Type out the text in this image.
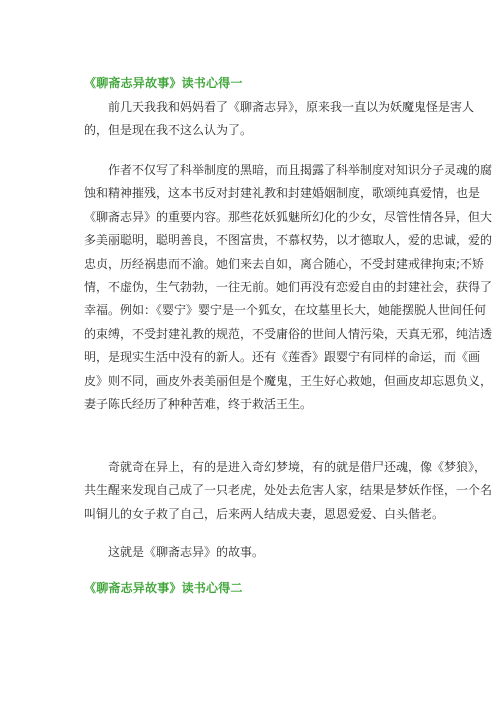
《聊斋志异故事》读书心得一
前几天我我和妈妈看了《聊斋志异》，原来我一直以为妖魔鬼怪是害人
的，但是现在我不这么认为了。
作者不仅写了科举制度的黑暗，而且揭露了科举制度对知识分子灵魂的腐
蚀和精神摧残，这本书反对封建礼教和封建婚姻制度，歌颂纯真爱情，也是
《聊斋志异》的重要内容。那些花妖狐魅所幻化的少女，尽管性情各异，但大
多美丽聪明，聪明善良，不图富贵，不慕权势，以才德取人，爱的忠诚，爱的
忠贞，历经祸患而不渝。她们来去自如，离合随心，不受封建戒律拘束;不矫
情，不虚伪，生气勃勃，一往无前。她们再没有恋爱自由的封建社会，获得了
幸福。例如：《婴宁》婴宁是一个狐女，在坟墓里长大，她能摆脱人世间任何
的束缚，不受封建礼教的规范，不受庸俗的世间人情污染，天真无邪，纯洁透
明，是现实生活中没有的新人。还有《莲香》跟婴宁有同样的命运，而《画
皮》则不同，画皮外表美丽但是个魔鬼，王生好心救她，但画皮却忘恩负义，
妻子陈氏经历了种种苦难，终于救活王生。
奇就奇在异上，有的是进入奇幻梦境，有的就是借尸还魂，像《梦狼》，
共生醒来发现自己成了一只老虎，处处去危害人家，结果是梦妖作怪，一个名
叫铜儿的女子救了自己，后来两人结成夫妻，恩恩爱爱、白头偕老。
这就是《聊斋志异》的故事。
《聊斋志异故事》读书心得二
